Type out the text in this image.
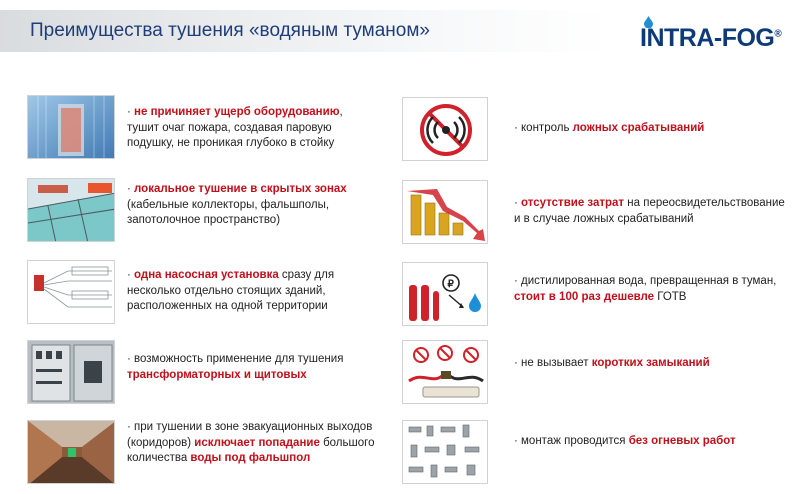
Преимущества тушения «водяным туманом»	INTRA-FOG®
· не причиняет ущерб оборудованию, тушит очаг пожара, создавая паровую подушку, не проникая глубоко в стойку
· локальное тушение в скрытых зонах (кабельные коллекторы, фальшполы, запотолочное пространство)
· одна насосная установка сразу для несколько отдельно стоящих зданий, расположенных на одной территории
· возможность применение для тушения трансформаторных и щитовых
· при тушении в зоне эвакуационных выходов (коридоров) исключает попадание большого количества воды под фальшпол
· контроль ложных срабатываний
· отсутствие затрат на переосвидетельствование и в случае ложных срабатываний
₽	· дистилированная вода, превращенная в туман, стоит в 100 раз дешевле ГОТВ
· не вызывает коротких замыканий
· монтаж проводится без огневых работ
